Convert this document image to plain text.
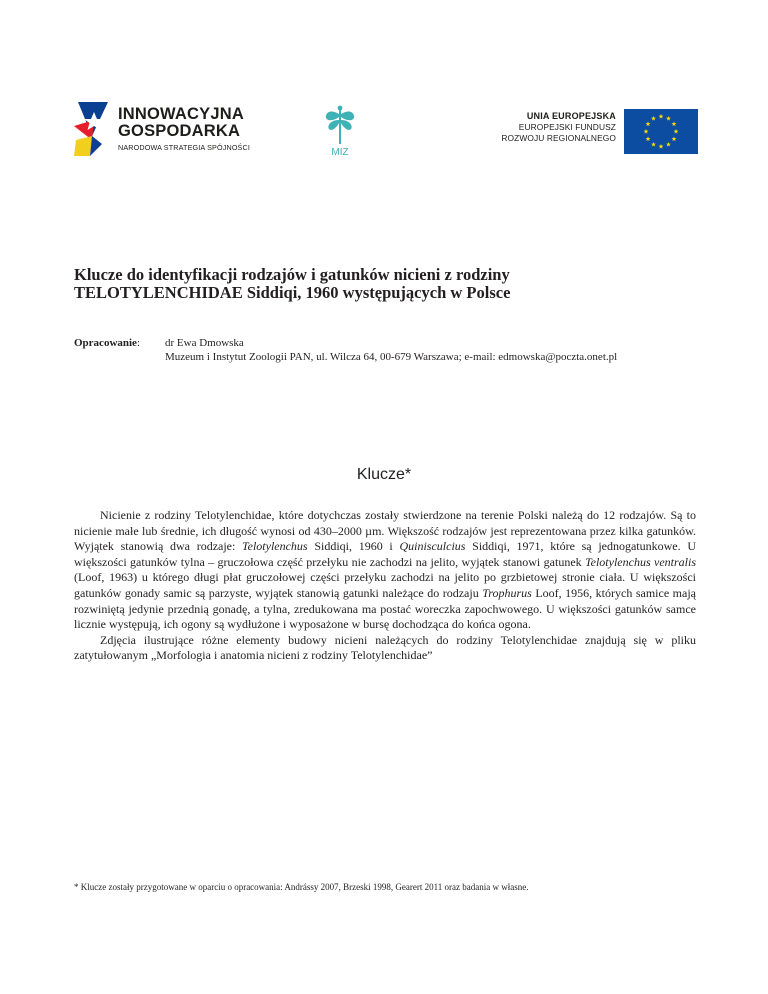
INNOWACYJNA
GOSPODARKA
NARODOWA STRATEGIA SPÓJNOŚCI	MIZ
UNIA EUROPEJSKA
EUROPEJSKI FUNDUSZ
ROZWOJU REGIONALNEGO
Klucze do identyfikacji rodzajów i gatunków nicieni z rodziny
TELOTYLENCHIDAE Siddiqi, 1960 występujących w Polsce
Opracowanie: dr Ewa Dmowska
Muzeum i Instytut Zoologii PAN, ul. Wilcza 64, 00-679 Warszawa; e-mail: edmowska@poczta.onet.pl
Klucze*

Nicienie z rodziny Telotylenchidae, które dotychczas zostały stwierdzone na terenie Polski należą do 12 rodzajów. Są to nicienie małe lub średnie, ich długość wynosi od 430–2000 µm. Większość rodzajów jest reprezentowana przez kilka gatunków. Wyjątek stanowią dwa rodzaje: Telotylenchus Siddiqi, 1960 i Quinisculcius Siddiqi, 1971, które są jednogatunkowe. U większości gatunków tylna – gruczołowa część przełyku nie zachodzi na jelito, wyjątek stanowi gatunek Telotylenchus ventralis (Loof, 1963) u którego długi płat gruczołowej części przełyku zachodzi na jelito po grzbietowej stronie ciała. U większości gatunków gonady samic są parzyste, wyjątek stanowią gatunki należące do rodzaju Trophurus Loof, 1956, których samice mają rozwiniętą jedynie przednią gonadę, a tylna, zredukowana ma postać woreczka zapochwowego. U większości gatunków samce licznie występują, ich ogony są wydłużone i wyposażone w bursę dochodząca do końca ogona.

Zdjęcia ilustrujące różne elementy budowy nicieni należących do rodziny Telotylenchidae znajdują się w pliku zatytułowanym „Morfologia i anatomia nicieni z rodziny Telotylenchidae”

* Klucze zostały przygotowane w oparciu o opracowania: Andrássy 2007, Brzeski 1998, Gearert 2011 oraz badania w własne.
